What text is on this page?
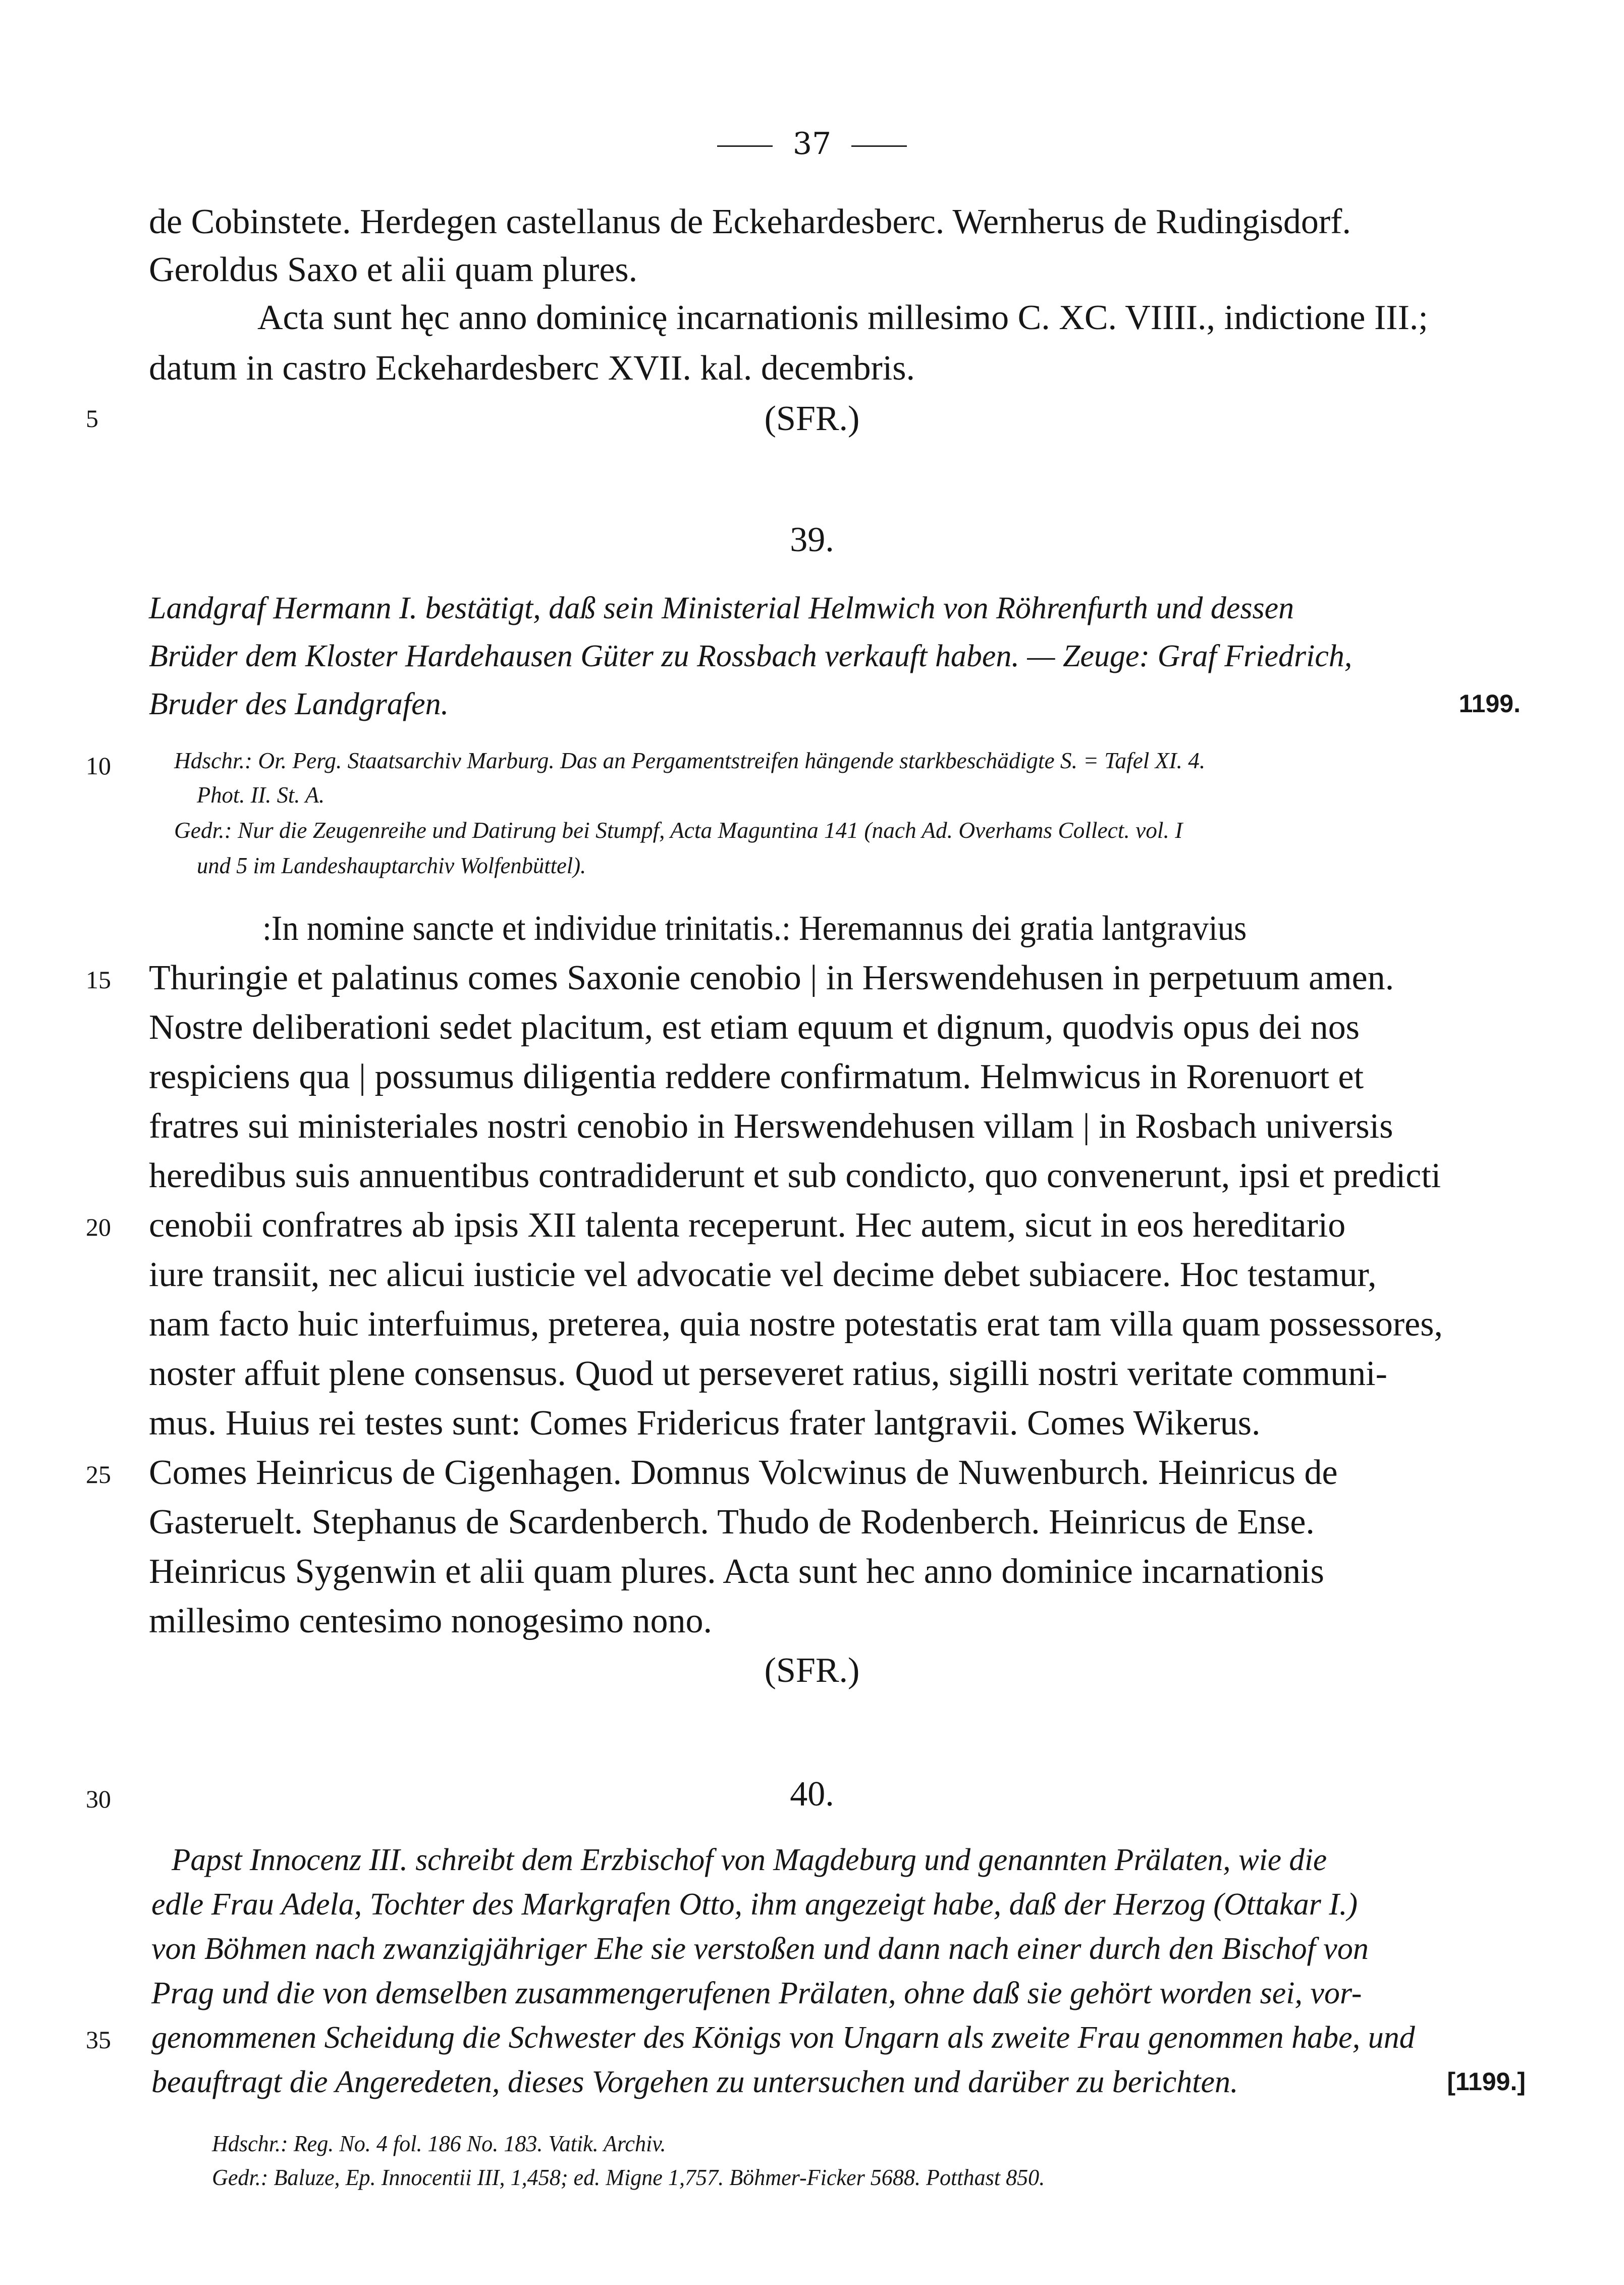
37
de Cobinstete. Herdegen castellanus de Eckehardesberc. Wernherus de Rudingisdorf.
Geroldus Saxo et alii quam plures.
Acta sunt hęc anno dominicę incarnationis millesimo C. XC. VIIII., indictione III.;
datum in castro Eckehardesberc XVII. kal. decembris.
5	(SFR.)
39.
Landgraf Hermann I. bestätigt, daß sein Ministerial Helmwich von Röhrenfurth und dessen
Brüder dem Kloster Hardehausen Güter zu Rossbach verkauft haben. — Zeuge: Graf Friedrich,
Bruder des Landgrafen.	1199.
10	Hdschr.: Or. Perg. Staatsarchiv Marburg. Das an Pergamentstreifen hängende starkbeschädigte S. = Tafel XI. 4.
Phot. II. St. A.
Gedr.: Nur die Zeugenreihe und Datirung bei Stumpf, Acta Maguntina 141 (nach Ad. Overhams Collect. vol. I
und 5 im Landeshauptarchiv Wolfenbüttel).
:In nomine sancte et individue trinitatis.: Heremannus dei gratia lantgravius
Thuringie et palatinus comes Saxonie cenobio | in Herswendehusen in perpetuum amen.
Nostre deliberationi sedet placitum, est etiam equum et dignum, quodvis opus dei nos
respiciens qua | possumus diligentia reddere confirmatum. Helmwicus in Rorenuort et
fratres sui ministeriales nostri cenobio in Herswendehusen villam | in Rosbach universis
heredibus suis annuentibus contradiderunt et sub condicto, quo convenerunt, ipsi et predicti
cenobii confratres ab ipsis XII talenta receperunt. Hec autem, sicut in eos hereditario
iure transiit, nec alicui iusticie vel advocatie vel decime debet subiacere. Hoc testamur,
nam facto huic interfuimus, preterea, quia nostre potestatis erat tam villa quam possessores,
noster affuit plene consensus. Quod ut perseveret ratius, sigilli nostri veritate communi-
mus. Huius rei testes sunt: Comes Fridericus frater lantgravii. Comes Wikerus.
Comes Heinricus de Cigenhagen. Domnus Volcwinus de Nuwenburch. Heinricus de
Gasteruelt. Stephanus de Scardenberch. Thudo de Rodenberch. Heinricus de Ense.
Heinricus Sygenwin et alii quam plures. Acta sunt hec anno dominice incarnationis
millesimo centesimo nonogesimo nono.
15
20
25
(SFR.)
30	40.
Papst Innocenz III. schreibt dem Erzbischof von Magdeburg und genannten Prälaten, wie die
edle Frau Adela, Tochter des Markgrafen Otto, ihm angezeigt habe, daß der Herzog (Ottakar I.)
von Böhmen nach zwanzigjähriger Ehe sie verstoßen und dann nach einer durch den Bischof von
Prag und die von demselben zusammengerufenen Prälaten, ohne daß sie gehört worden sei, vor-
genommenen Scheidung die Schwester des Königs von Ungarn als zweite Frau genommen habe, und
beauftragt die Angeredeten, dieses Vorgehen zu untersuchen und darüber zu berichten.
35
[1199.]
Hdschr.: Reg. No. 4 fol. 186 No. 183. Vatik. Archiv.
Gedr.: Baluze, Ep. Innocentii III, 1,458; ed. Migne 1,757. Böhmer-Ficker 5688. Potthast 850.
